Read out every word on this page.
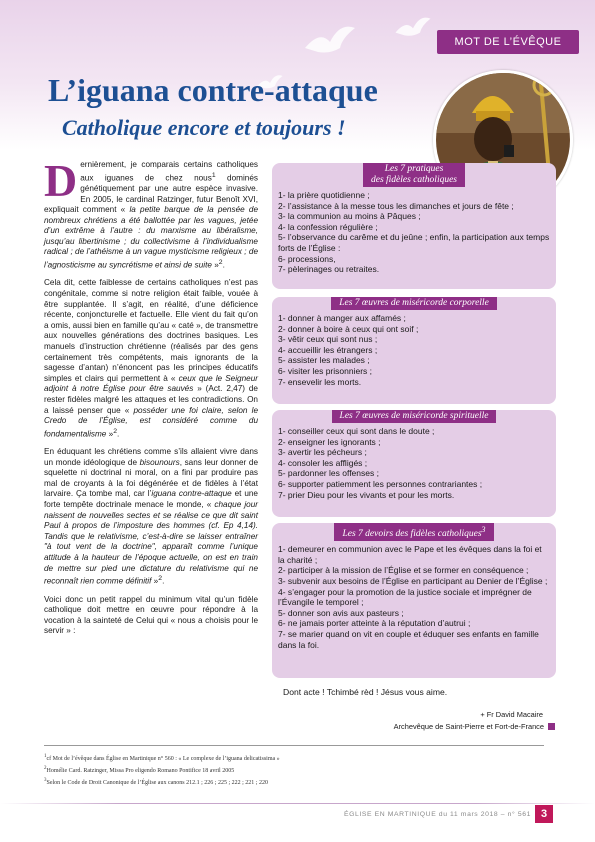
MOT DE L’ÉVÊQUE
L’iguana contre-attaque
Catholique encore et toujours !

Dernièrement, je comparais certains catholiques aux iguanes de chez nous$^1$ dominés génétiquement par une autre espèce invasive. En 2005, le cardinal Ratzinger, futur Benoît XVI, expliquait comment « la petite barque de la pensée de nombreux chrétiens a été ballottée par les vagues, jetée d’un extrême à l’autre : du marxisme au libéralisme, jusqu’au libertinisme ; du collectivisme à l’individualisme radical ; de l’athéisme à un vague mysticisme religieux ; de l’agnosticisme au syncrétisme et ainsi de suite »$^2$.

Cela dit, cette faiblesse de certains catholiques n’est pas congénitale, comme si notre religion était faible, vouée à être supplantée. Il s’agit, en réalité, d’une déficience récente, conjoncturelle et factuelle. Elle vient du fait qu’on a omis, aussi bien en famille qu’au « caté », de transmettre aux nouvelles générations des doctrines basiques. Les manuels d’instruction chrétienne (réalisés par des gens certainement très compétents, mais ignorants de la sagesse d’antan) n’énoncent pas les principes éducatifs simples et clairs qui permettent à « ceux que le Seigneur adjoint à notre Église pour être sauvés » (Act. 2,47) de rester fidèles malgré les attaques et les contradictions. On a laissé penser que « posséder une foi claire, selon le Credo de l’Église, est considéré comme du fondamentalisme »$^2$.

En éduquant les chrétiens comme s’ils allaient vivre dans un monde idéologique de bisounours, sans leur donner de squelette ni doctrinal ni moral, on a fini par produire pas mal de croyants à la foi dégénérée et de fidèles à l’état larvaire. Ça tombe mal, car l’iguana contre-attaque et une forte tempête doctrinale menace le monde, « chaque jour naissent de nouvelles sectes et se réalise ce que dit saint Paul à propos de l’imposture des hommes (cf. Ep 4,14). Tandis que le relativisme, c’est-à-dire se laisser entraîner "à tout vent de la doctrine", apparaît comme l’unique attitude à la hauteur de l’époque actuelle, on est en train de mettre sur pied une dictature du relativisme qui ne reconnaît rien comme définitif »$^2$.

Voici donc un petit rappel du minimum vital qu’un fidèle catholique doit mettre en œuvre pour répondre à la vocation à la sainteté de Celui qui « nous a choisis pour le servir » :

Les 7 pratiques
des fidèles catholiques
1- la prière quotidienne ;
2- l’assistance à la messe tous les dimanches et jours de fête ;
3- la communion au moins à Pâques ;
4- la confession régulière ;
5- l’observance du carême et du jeûne ; enfin, la participation aux temps forts de l’Église :
6- processions,
7- pèlerinages ou retraites.
Les 7 œuvres de miséricorde corporelle
1- donner à manger aux affamés ;
2- donner à boire à ceux qui ont soif ;
3- vêtir ceux qui sont nus ;
4- accueillir les étrangers ;
5- assister les malades ;
6- visiter les prisonniers ;
7- ensevelir les morts.
Les 7 œuvres de miséricorde spirituelle
1- conseiller ceux qui sont dans le doute ;
2- enseigner les ignorants ;
3- avertir les pécheurs ;
4- consoler les affligés ;
5- pardonner les offenses ;
6- supporter patiemment les personnes contrariantes ;
7- prier Dieu pour les vivants et pour les morts.
Les 7 devoirs des fidèles catholiques$^3$
1- demeurer en communion avec le Pape et les évêques dans la foi et la charité ;
2- participer à la mission de l’Église et se former en conséquence ;
3- subvenir aux besoins de l’Église en participant au Denier de l’Église ;
4- s’engager pour la promotion de la justice sociale et imprégner de l’Évangile le temporel ;
5- donner son avis aux pasteurs ;
6- ne jamais porter atteinte à la réputation d’autrui ;
7- se marier quand on vit en couple et éduquer ses enfants en famille dans la foi.
Dont acte ! Tchimbé rèd ! Jésus vous aime.
+ Fr David Macaire
Archevêque de Saint-Pierre et Fort-de-France
$^1$cf Mot de l’évêque dans Église en Martinique n° 560 : « Le complexe de l’iguana delicatissima »
$^2$Homélie Card. Ratzinger, Missa Pro eligendo Romano Pontifice 18 avril 2005
$^3$Selon le Code de Droit Canonique de l’Église aux canons 212.1 ; 226 ; 225 ; 222 ; 221 ; 220
ÉGLISE EN MARTINIQUE du 11 mars 2018 – n° 561 3
